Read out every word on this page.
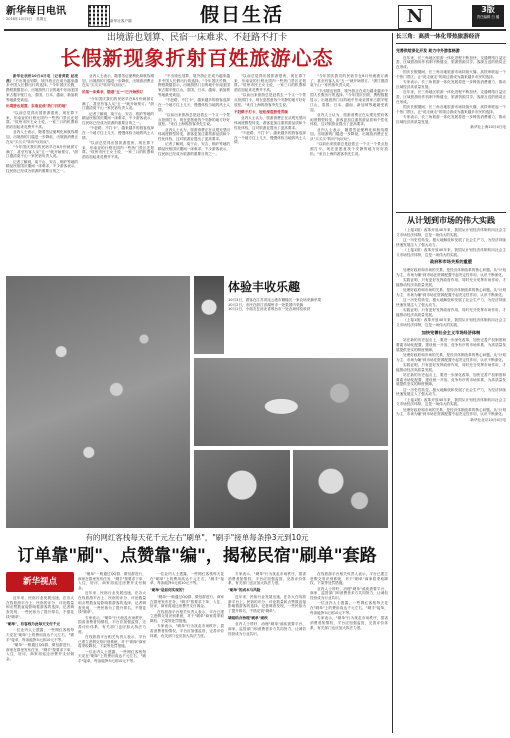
新华每日电讯
2018年10月5日 星期五	新华社客户端	假日生活	N	3版
责任编辑 白 璐
出境游也划算、民宿一床难求、不赶路不打卡
长假新现象折射百姓旅游心态

新华社杭州10月4日电（记者黄筱 屈凌燕）"不出境也划算，境外游正在成为越来越多中国人长假出行的选择。"今年国庆长假，携程数据显示，出境游热门目的地中东南亚国家占据半壁江山，泰国、日本、越南、新加坡等地最受欢迎。

出境游也划算，东南亚成"热门目的地"

"以前总觉得出国旅游很贵，现在算下来，东南亚的行程比国内一些热门景区还划算。"杭州市民王女士说，一家三口的机票和酒店加起来花费并不高。

业内人士表示，随着签证便利化和航线增加，出境游的门槛进一步降低，出境游消费正在从"买买买"转向"玩玩玩"。

"今年国庆我们的民宿早在8月份就被订满了，甚至有客人从"五一"就开始预订。"浙江德清莫干山一家民宿负责人说。

记者了解到，莫干山、安吉、桐庐等地的精品民宿国庆期间一床难求，不少游客表示，住民宿已经成为旅游的重要目的之一。

业内人士表示，随着签证便利化和航线增加，出境游的门槛进一步降低，出境游消费正在从"买买买"转向"玩玩玩"。

民宿一床难求，随着"五一"已开始预订

"今年国庆我们的民宿早在8月份就被订满了，甚至有客人从"五一"就开始预订。"浙江德清莫干山一家民宿负责人说。

记者了解到，莫干山、安吉、桐庐等地的精品民宿国庆期间一床难求，不少游客表示，住民宿已经成为旅游的重要目的之一。

"不赶路、不打卡"，越来越多的游客选择在一个地方住上几天，慢慢体验当地的风土人情。

"以前总觉得出国旅游很贵，现在算下来，东南亚的行程比国内一些热门景区还划算。"杭州市民王女士说，一家三口的机票和酒店加起来花费并不高。

"不出境也划算，境外游正在成为越来越多中国人长假出行的选择。"今年国庆长假，携程数据显示，出境游热门目的地中东南亚国家占据半壁江山，泰国、日本、越南、新加坡等地最受欢迎。

"不赶路、不打卡"，越来越多的游客选择在一个地方住上几天，慢慢体验当地的风土人情。

"以前出来旅游总是赶着去一个又一个景点拍照打卡，现在更愿意找个安静的地方好好放松。"来自上海的游客李先生说。

业内人士认为，旅游消费正在从观光型向休闲度假型转变，游客更加注重旅游品质和个性化体验，这对旅游业提出了更高要求。

记者了解到，莫干山、安吉、桐庐等地的精品民宿国庆期间一床难求，不少游客表示，住民宿已经成为旅游的重要目的之一。

"以前总觉得出国旅游很贵，现在算下来，东南亚的行程比国内一些热门景区还划算。"杭州市民王女士说，一家三口的机票和酒店加起来花费并不高。

"以前出来旅游总是赶着去一个又一个景点拍照打卡，现在更愿意找个安静的地方好好放松。"来自上海的游客李先生说。

不赶路不打卡，轻松深度游受青睐

业内人士认为，旅游消费正在从观光型向休闲度假型转变，游客更加注重旅游品质和个性化体验，这对旅游业提出了更高要求。

"不赶路、不打卡"，越来越多的游客选择在一个地方住上几天，慢慢体验当地的风土人情。

"今年国庆我们的民宿早在8月份就被订满了，甚至有客人从"五一"就开始预订。"浙江德清莫干山一家民宿负责人说。

"不出境也划算，境外游正在成为越来越多中国人长假出行的选择。"今年国庆长假，携程数据显示，出境游热门目的地中东南亚国家占据半壁江山，泰国、日本、越南、新加坡等地最受欢迎。

业内人士认为，旅游消费正在从观光型向休闲度假型转变，游客更加注重旅游品质和个性化体验，这对旅游业提出了更高要求。

业内人士表示，随着签证便利化和航线增加，出境游的门槛进一步降低，出境游消费正在从"买买买"转向"玩玩玩"。

"以前出来旅游总是赶着去一个又一个景点拍照打卡，现在更愿意找个安静的地方好好放松。"来自上海的游客李先生说。

体验丰收乐趣
10月3日，游客在江苏省连云港市赣榆区一家农场采摘苹果
10月2日，市民在浙江省湖州市一处果园内采摘
10月1日，小朋友在河北省邢台市一处农场体验收获
有的网红客栈每天花千元左右"刷单"，"刷手"接单每条挣3元到10元
订单靠"刷"、点赞靠"编"，揭秘民宿"刷单"套路
新华视点

近年来，民宿行业发展迅速，在各大在线旅游平台上，民宿的评分、评论数量和点赞数直接影响着游客的选择。记者调查发现，一些民宿为了提升排名，不惜花钱"刷单"。

"刷单"，有客栈为此每天支付千元

一位业内人士透露，一些网红客栈每天花在"刷单"上的费用高达千元左右，"刷手"接单，每条能挣3元到10元不等。

"刷单"一般通过QQ群、微信群进行，商家在群里发布任务，"刷手"按要求下单、入住、好评，商家再返还房费并支付佣金。

"刷单"一般通过QQ群、微信群进行，商家在群里发布任务，"刷手"按要求下单、入住、好评，商家再返还房费并支付佣金。

近年来，民宿行业发展迅速，在各大在线旅游平台上，民宿的评分、评论数量和点赞数直接影响着游客的选择。记者调查发现，一些民宿为了提升排名，不惜花钱"刷单"。

专家表示，"刷单"行为扰乱市场秩序，损害消费者知情权，平台应加强监管，完善评价体系，有关部门也应加大执法力度。

在线旅游平台相关负责人表示，平台已建立虚假交易识别系统，对于"刷单"商家将采取降权、下架等处罚措施。

一位业内人士透露，一些网红客栈每天花在"刷单"上的费用高达千元左右，"刷手"接单，每条能挣3元到10元不等。

一位业内人士透露，一些网红客栈每天花在"刷单"上的费用高达千元左右，"刷手"接单，每条能挣3元到10元不等。

"刷单"是如何实现的？

"刷单"一般通过QQ群、微信群进行，商家在群里发布任务，"刷手"按要求下单、入住、好评，商家再返还房费并支付佣金。

在线旅游平台相关负责人表示，平台已建立虚假交易识别系统，对于"刷单"商家将采取降权、下架等处罚措施。

专家表示，"刷单"行为扰乱市场秩序，损害消费者知情权，平台应加强监管，完善评价体系，有关部门也应加大执法力度。

专家表示，"刷单"行为扰乱市场秩序，损害消费者知情权，平台应加强监管，完善评价体系，有关部门也应加大执法力度。

"刷单"的成本与风险

近年来，民宿行业发展迅速，在各大在线旅游平台上，民宿的评分、评论数量和点赞数直接影响着游客的选择。记者调查发现，一些民宿为了提升排名，不惜花钱"刷单"。

堵疏结合治理"刷单"顽疾

业内人士呼吁，治理"刷单"顽疾需要平台、商家、监管部门和消费者多方共同努力，让诚信经营成为行业共识。

在线旅游平台相关负责人表示，平台已建立虚假交易识别系统，对于"刷单"商家将采取降权、下架等处罚措施。

业内人士呼吁，治理"刷单"顽疾需要平台、商家、监管部门和消费者多方共同努力，让诚信经营成为行业共识。

一位业内人士透露，一些网红客栈每天花在"刷单"上的费用高达千元左右，"刷手"接单，每条能挣3元到10元不等。

专家表示，"刷单"行为扰乱市场秩序，损害消费者知情权，平台应加强监管，完善评价体系，有关部门也应加大执法力度。

长三角：高质一体化带热旅游经济
完善供给深化开发 助力中外游客畅游

近年来，长三角地区旅游一体化进程不断加快，交通网络日益完善，区域旅游协作机制不断健全，旅游资源共享、客源互送的格局正在形成。

国庆长假期间，长三角各地旅游市场持续火爆，高铁串联起一个个热门景区，让"说走就走"的周边游成为越来越多市民的选择。

专家表示，长三角旅游一体化发展将进一步释放消费潜力，推动区域经济高质量发展。

近年来，长三角地区旅游一体化进程不断加快，交通网络日益完善，区域旅游协作机制不断健全，旅游资源共享、客源互送的格局正在形成。

国庆长假期间，长三角各地旅游市场持续火爆，高铁串联起一个个热门景区，让"说走就走"的周边游成为越来越多市民的选择。

专家表示，长三角旅游一体化发展将进一步释放消费潜力，推动区域经济高质量发展。

新华社上海10月4日电
从计划到市场的伟大实践

（上接1版）改革开放40年来，我国从计划经济体制转向社会主义市场经济体制，这是一场伟大的实践。

这一历史性转变，极大地解放和发展了社会生产力，为经济持续快速发展注入了强大动力。

（上接1版）改革开放40年来，我国从计划经济体制转向社会主义市场经济体制，这是一场伟大的实践。

政府和市场关系的重塑

处理好政府和市场的关系，是经济体制改革的核心问题。从"计划为主、市场为辅"到市场在资源配置中起决定性作用，认识不断深化。

实践证明，只有更好发挥政府作用，同时充分发挥市场作用，才能推动经济高质量发展。

处理好政府和市场的关系，是经济体制改革的核心问题。从"计划为主、市场为辅"到市场在资源配置中起决定性作用，认识不断深化。

这一历史性转变，极大地解放和发展了社会生产力，为经济持续快速发展注入了强大动力。

实践证明，只有更好发挥政府作用，同时充分发挥市场作用，才能推动经济高质量发展。

（上接1版）改革开放40年来，我国从计划经济体制转向社会主义市场经济体制，这是一场伟大的实践。

加快完善社会主义市场经济体制

站在新的历史起点上，要进一步深化改革，加快完善产权制度和要素市场化配置，建设统一开放、竞争有序的市场体系，为高质量发展提供坚实的制度保障。

处理好政府和市场的关系，是经济体制改革的核心问题。从"计划为主、市场为辅"到市场在资源配置中起决定性作用，认识不断深化。

实践证明，只有更好发挥政府作用，同时充分发挥市场作用，才能推动经济高质量发展。

站在新的历史起点上，要进一步深化改革，加快完善产权制度和要素市场化配置，建设统一开放、竞争有序的市场体系，为高质量发展提供坚实的制度保障。

这一历史性转变，极大地解放和发展了社会生产力，为经济持续快速发展注入了强大动力。

（上接1版）改革开放40年来，我国从计划经济体制转向社会主义市场经济体制，这是一场伟大的实践。

处理好政府和市场的关系，是经济体制改革的核心问题。从"计划为主、市场为辅"到市场在资源配置中起决定性作用，认识不断深化。

新华社北京10月4日电
